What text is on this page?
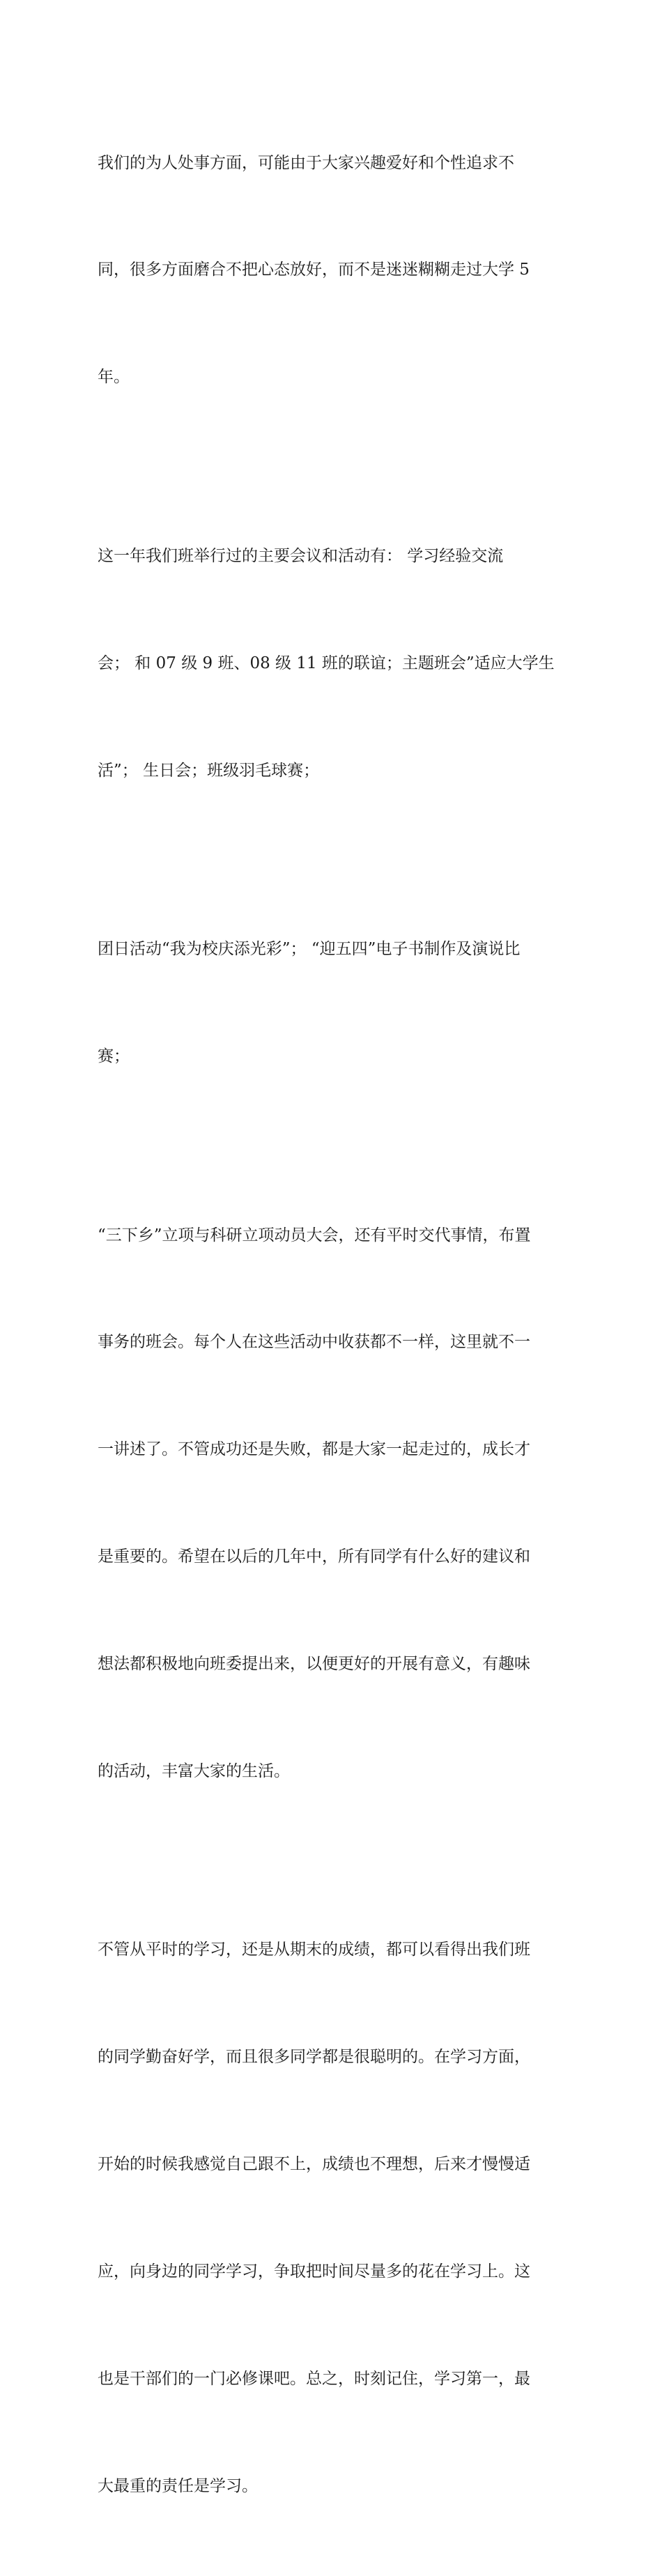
我们的为人处事方面，可能由于大家兴趣爱好和个性追求不

同，很多方面磨合不把心态放好，而不是迷迷糊糊走过大学 5

年。

这一年我们班举行过的主要会议和活动有： 学习经验交流

会； 和 07 级 9 班、08 级 11 班的联谊；主题班会”适应大学生

活”； 生日会；班级羽毛球赛；

团日活动“我为校庆添光彩”； “迎五四”电子书制作及演说比

赛；

“三下乡”立项与科研立项动员大会，还有平时交代事情，布置

事务的班会。每个人在这些活动中收获都不一样，这里就不一

一讲述了。不管成功还是失败，都是大家一起走过的，成长才

是重要的。希望在以后的几年中，所有同学有什么好的建议和

想法都积极地向班委提出来，以便更好的开展有意义，有趣味

的活动，丰富大家的生活。

不管从平时的学习，还是从期末的成绩，都可以看得出我们班

的同学勤奋好学，而且很多同学都是很聪明的。在学习方面，

开始的时候我感觉自己跟不上，成绩也不理想，后来才慢慢适

应，向身边的同学学习，争取把时间尽量多的花在学习上。这

也是干部们的一门必修课吧。总之，时刻记住，学习第一，最

大最重的责任是学习。
